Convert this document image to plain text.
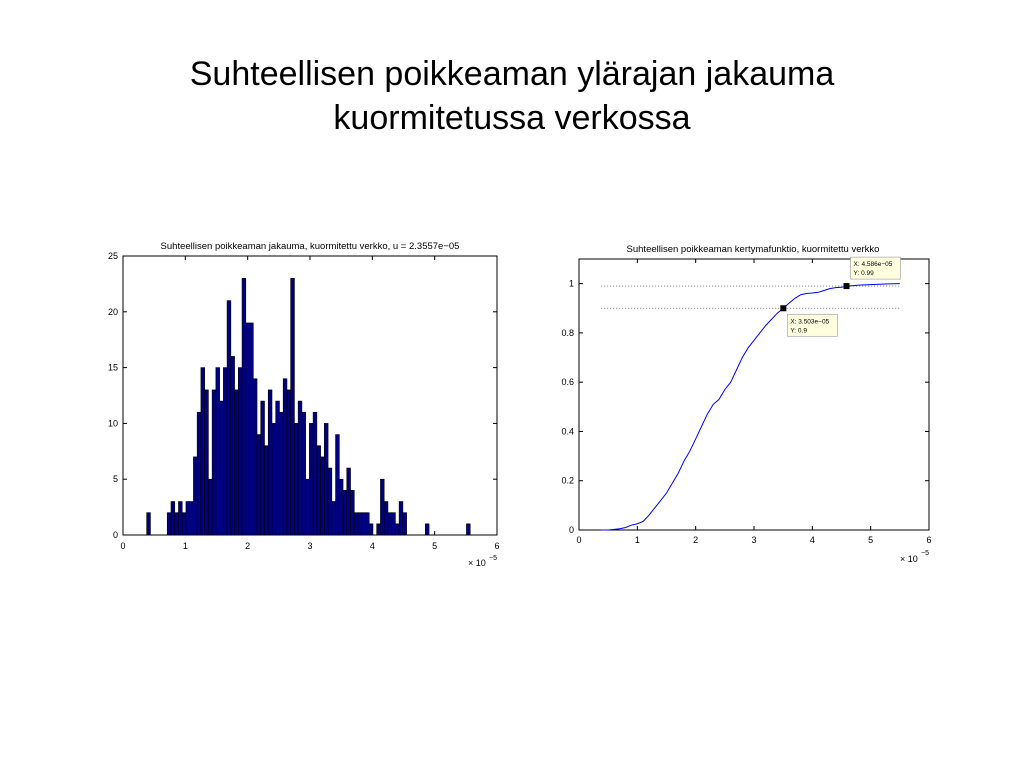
Suhteellisen poikkeaman ylärajan jakauma
kuormitetussa verkossa
Suhteellisen poikkeaman jakauma, kuormitettu verkko, u = 2.3557e−05
0	1	2	3	4	5	6
0
5
10
15
20
25
× 10 −5
Suhteellisen poikkeaman kertymafunktio, kuormitettu verkko
0	1	2	3	4	5	6
0
0.2
0.4
0.6
0.8
1
X: 4.586e−05
Y: 0.99
X: 3.503e−05
Y: 0.9
× 10
−5
